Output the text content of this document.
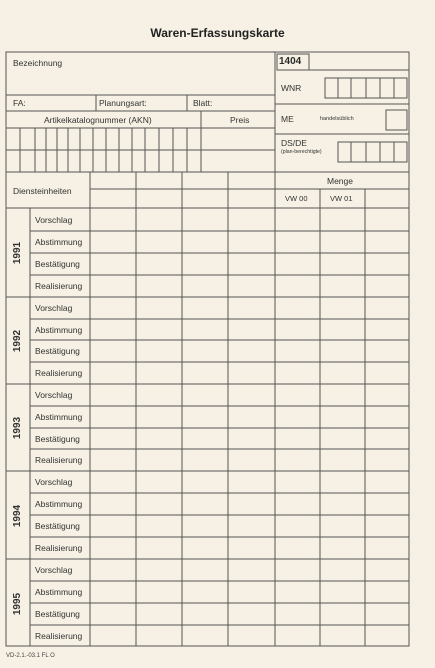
Waren-Erfassungskarte
Bezeichnung	1404
FA:	Planungsart:	Blatt:
Artikelkatalognummer (AKN)	Preis
WNR
ME	handelsüblich
DS/DE
(plan-berechtigte)
Diensteinheiten
Menge
VW 00	VW 01
1991
Vorschlag
Abstimmung
Bestätigung
Realisierung
1992
Vorschlag
Abstimmung
Bestätigung
Realisierung
1993
Vorschlag
Abstimmung
Bestätigung
Realisierung
1994
Vorschlag
Abstimmung
Bestätigung
Realisierung
1995
Vorschlag
Abstimmung
Bestätigung
Realisierung
VD-2.1.-03.1 FL O
